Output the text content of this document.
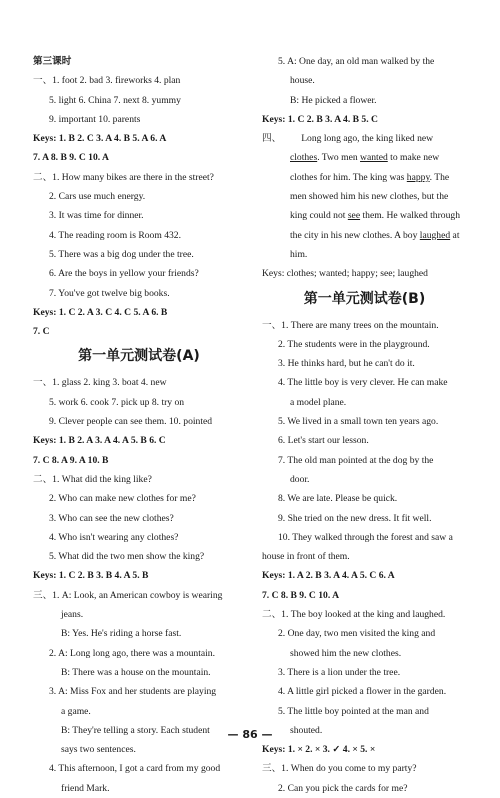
第三课时
一、1. foot 2. bad 3. fireworks 4. plan
5. light 6. China 7. next 8. yummy
9. important 10. parents
Keys: 1. B 2. C 3. A 4. B 5. A 6. A
7. A 8. B 9. C 10. A
二、1. How many bikes are there in the street?
2. Cars use much energy.
3. It was time for dinner.
4. The reading room is Room 432.
5. There was a big dog under the tree.
6. Are the boys in yellow your friends?
7. You've got twelve big books.
Keys: 1. C 2. A 3. C 4. C 5. A 6. B
7. C
第一单元测试卷(A)
一、1. glass 2. king 3. boat 4. new
5. work 6. cook 7. pick up 8. try on
9. Clever people can see them. 10. pointed
Keys: 1. B 2. A 3. A 4. A 5. B 6. C
7. C 8. A 9. A 10. B
二、1. What did the king like?
2. Who can make new clothes for me?
3. Who can see the new clothes?
4. Who isn't wearing any clothes?
5. What did the two men show the king?
Keys: 1. C 2. B 3. B 4. A 5. B
三、1. A: Look, an American cowboy is wearing
jeans.
B: Yes. He's riding a horse fast.
2. A: Long long ago, there was a mountain.
B: There was a house on the mountain.
3. A: Miss Fox and her students are playing
a game.
B: They're telling a story. Each student
says two sentences.
4. This afternoon, I got a card from my good
friend Mark.
5. A: One day, an old man walked by the
house.
B: He picked a flower.
Keys: 1. C 2. B 3. A 4. B 5. C
四、 Long long ago, the king liked new
clothes. Two men wanted to make new
clothes for him. The king was happy. The
men showed him his new clothes, but the
king could not see them. He walked through
the city in his new clothes. A boy laughed at
him.
Keys: clothes; wanted; happy; see; laughed
第一单元测试卷(B)
一、1. There are many trees on the mountain.
2. The students were in the playground.
3. He thinks hard, but he can't do it.
4. The little boy is very clever. He can make
a model plane.
5. We lived in a small town ten years ago.
6. Let's start our lesson.
7. The old man pointed at the dog by the
door.
8. We are late. Please be quick.
9. She tried on the new dress. It fit well.
10. They walked through the forest and saw a
house in front of them.
Keys: 1. A 2. B 3. A 4. A 5. C 6. A
7. C 8. B 9. C 10. A
二、1. The boy looked at the king and laughed.
2. One day, two men visited the king and
showed him the new clothes.
3. There is a lion under the tree.
4. A little girl picked a flower in the garden.
5. The little boy pointed at the man and
shouted.
Keys: 1. × 2. × 3. ✓ 4. × 5. ×
三、1. When do you come to my party?
2. Can you pick the cards for me?
— 86 —
